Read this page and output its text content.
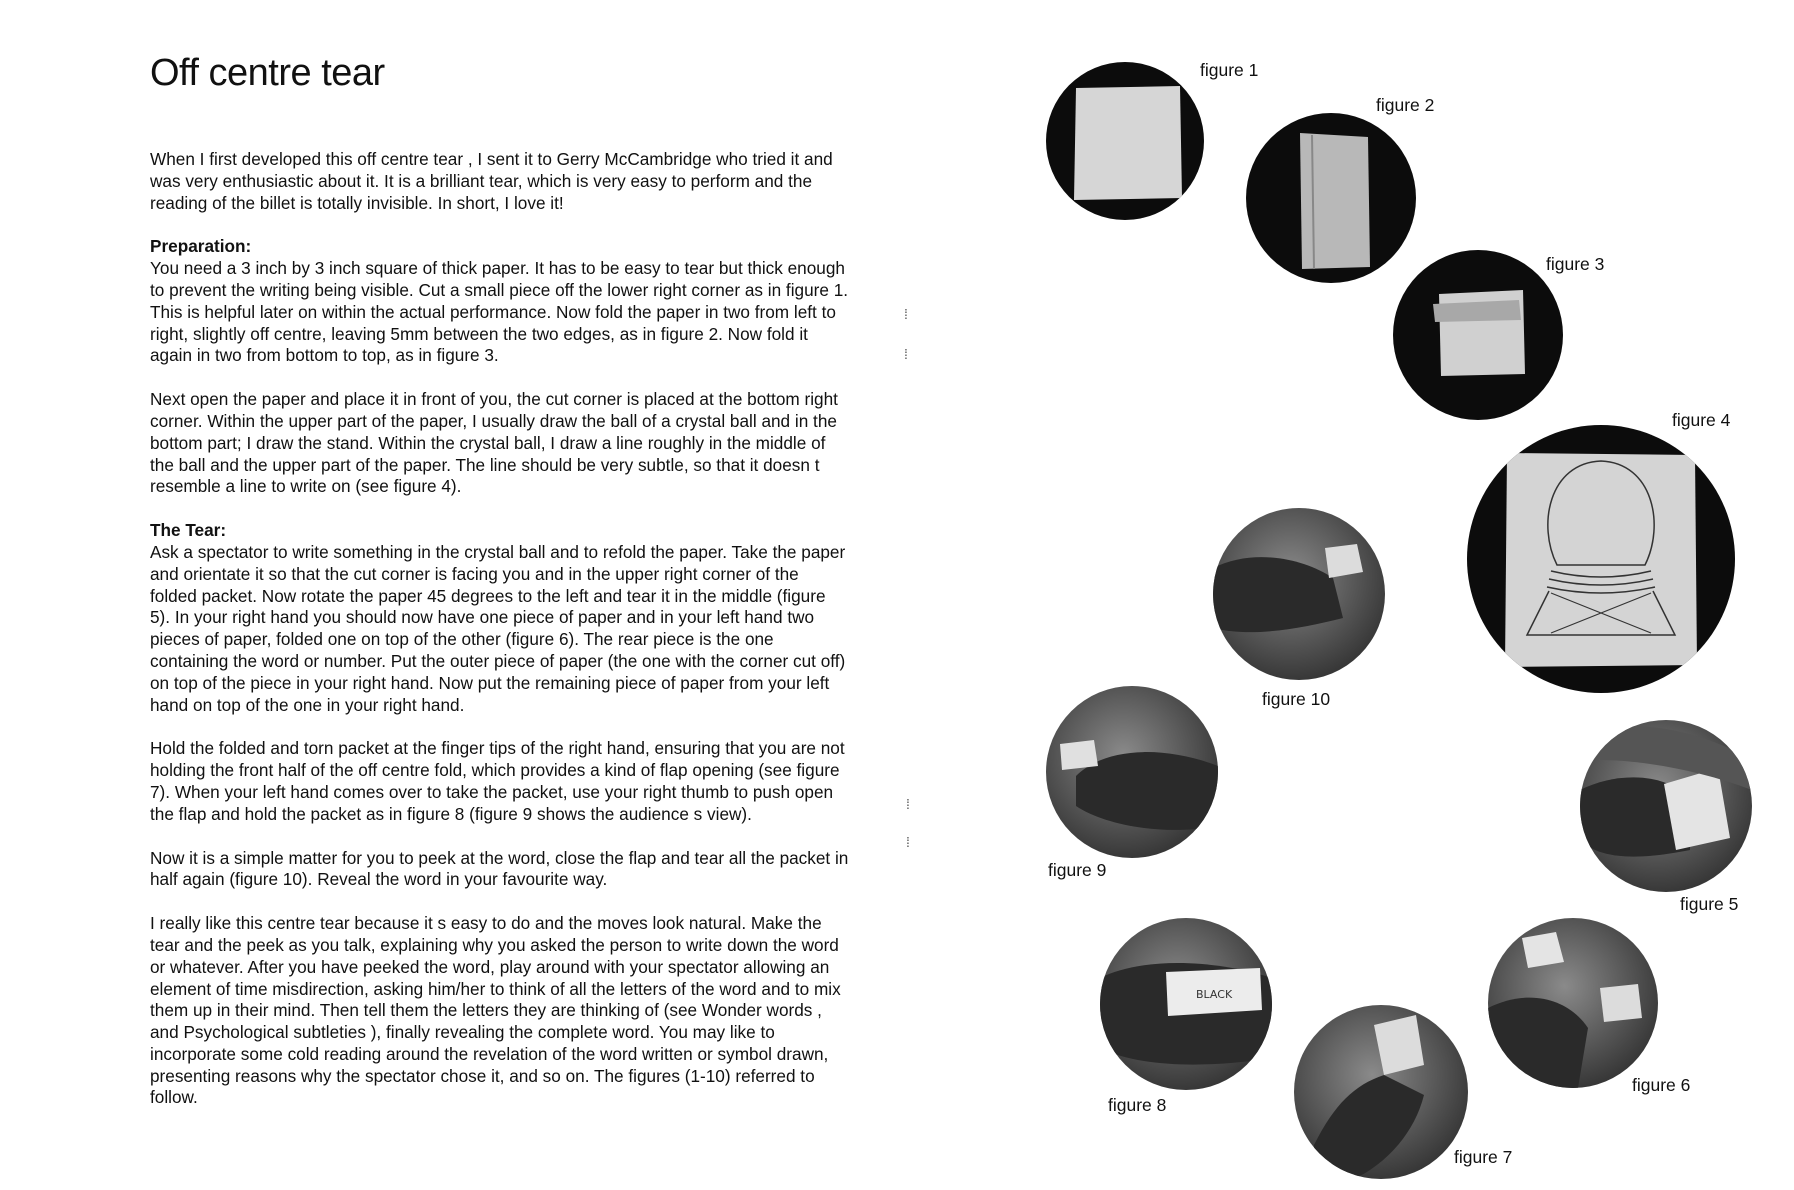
Off centre tear

When I first developed this off centre tear , I sent it to Gerry McCambridge who tried it and was very enthusiastic about it. It is a brilliant tear, which is very easy to perform and the reading of the billet is totally invisible. In short, I love it!

Preparation:
You need a 3 inch by 3 inch square of thick paper. It has to be easy to tear but thick enough to prevent the writing being visible. Cut a small piece off the lower right corner as in figure 1. This is helpful later on within the actual performance. Now fold the paper in two from left to right, slightly off centre, leaving 5mm between the two edges, as in figure 2. Now fold it again in two from bottom to top, as in figure 3.

Next open the paper and place it in front of you, the cut corner is placed at the bottom right corner. Within the upper part of the paper, I usually draw the ball of a crystal ball and in the bottom part; I draw the stand. Within the crystal ball, I draw a line roughly in the middle of the ball and the upper part of the paper. The line should be very subtle, so that it doesn t resemble a line to write on (see figure 4).

The Tear:
Ask a spectator to write something in the crystal ball and to refold the paper. Take the paper and orientate it so that the cut corner is facing you and in the upper right corner of the folded packet. Now rotate the paper 45 degrees to the left and tear it in the middle (figure 5). In your right hand you should now have one piece of paper and in your left hand two pieces of paper, folded one on top of the other (figure 6). The rear piece is the one containing the word or number. Put the outer piece of paper (the one with the corner cut off) on top of the piece in your right hand. Now put the remaining piece of paper from your left hand on top of the one in your right hand.

Hold the folded and torn packet at the finger tips of the right hand, ensuring that you are not holding the front half of the off centre fold, which provides a kind of flap opening (see figure 7). When your left hand comes over to take the packet, use your right thumb to push open the flap and hold the packet as in figure 8 (figure 9 shows the audience s view).

Now it is a simple matter for you to peek at the word, close the flap and tear all the packet in half again (figure 10). Reveal the word in your favourite way.

I really like this centre tear because it s easy to do and the moves look natural. Make the tear and the peek as you talk, explaining why you asked the person to write down the word or whatever. After you have peeked the word, play around with your spectator allowing an element of time misdirection, asking him/her to think of all the letters of the word and to mix them up in their mind. Then tell them the letters they are thinking of (see Wonder words , and Psychological subtleties ), finally revealing the complete word. You may like to incorporate some cold reading around the revelation of the word written or symbol drawn, presenting reasons why the spectator chose it, and so on. The figures (1-10) referred to follow.

⁞
⁞
⁞
⁞
figure 1
figure 2
figure 3
figure 4
figure 10
figure 9
figure 5
BLACK
figure 8
figure 6
figure 7
